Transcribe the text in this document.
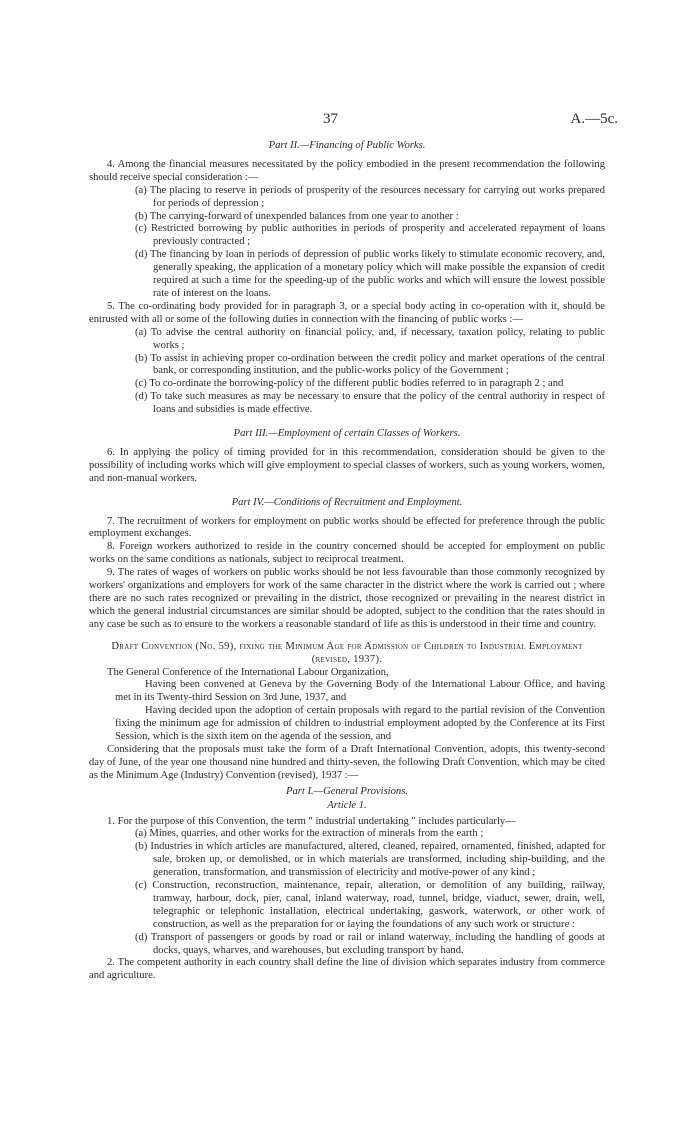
37	A.—5c.

Part II.—Financing of Public Works.

4. Among the financial measures necessitated by the policy embodied in the present recommendation the following should receive special consideration :—

(a) The placing to reserve in periods of prosperity of the resources necessary for carrying out works prepared for periods of depression ;

(b) The carrying-forward of unexpended balances from one year to another :

(c) Restricted borrowing by public authorities in periods of prosperity and accelerated repayment of loans previously contracted ;

(d) The financing by loan in periods of depression of public works likely to stimulate economic recovery, and, generally speaking, the application of a monetary policy which will make possible the expansion of credit required at such a time for the speeding-up of the public works and which will ensure the lowest possible rate of interest on the loans.

5. The co-ordinating body provided for in paragraph 3, or a special body acting in co-operation with it, should be entrusted with all or some of the following duties in connection with the financing of public works :—

(a) To advise the central authority on financial policy, and, if necessary, taxation policy, relating to public works ;

(b) To assist in achieving proper co-ordination between the credit policy and market operations of the central bank, or corresponding institution, and the public-works policy of the Government ;

(c) To co-ordinate the borrowing-policy of the different public bodies referred to in paragraph 2 ; and

(d) To take such measures as may be necessary to ensure that the policy of the central authority in respect of loans and subsidies is made effective.

Part III.—Employment of certain Classes of Workers.

6. In applying the policy of timing provided for in this recommendation, consideration should be given to the possibility of including works which will give employment to special classes of workers, such as young workers, women, and non-manual workers.

Part IV.—Conditions of Recruitment and Employment.

7. The recruitment of workers for employment on public works should be effected for preference through the public employment exchanges.

8. Foreign workers authorized to reside in the country concerned should be accepted for employment on public works on the same conditions as nationals, subject to reciprocal treatment.

9. The rates of wages of workers on public works should be not less favourable than those commonly recognized by workers' organizations and employers for work of the same character in the district where the work is carried out ; where there are no such rates recognized or prevailing in the district, those recognized or prevailing in the nearest district in which the general industrial circumstances are similar should be adopted, subject to the condition that the rates should in any case be such as to ensure to the workers a reasonable standard of life as this is understood in their time and country.

Draft Convention (No. 59), fixing the Minimum Age for Admission of Children to Industrial Employment (revised, 1937).

The General Conference of the International Labour Organization,

Having been convened at Geneva by the Governing Body of the International Labour Office, and having met in its Twenty-third Session on 3rd June, 1937, and

Having decided upon the adoption of certain proposals with regard to the partial revision of the Convention fixing the minimum age for admission of children to industrial employment adopted by the Conference at its First Session, which is the sixth item on the agenda of the session, and

Considering that the proposals must take the form of a Draft International Convention, adopts, this twenty-second day of June, of the year one thousand nine hundred and thirty-seven, the following Draft Convention, which may be cited as the Minimum Age (Industry) Convention (revised), 1937 :—

Part I.—General Provisions.

Article 1.

1. For the purpose of this Convention, the term " industrial undertaking " includes particularly—

(a) Mines, quarries, and other works for the extraction of minerals from the earth ;

(b) Industries in which articles are manufactured, altered, cleaned, repaired, ornamented, finished, adapted for sale, broken up, or demolished, or in which materials are transformed, including ship-building, and the generation, transformation, and transmission of electricity and motive-power of any kind ;

(c) Construction, reconstruction, maintenance, repair, alteration, or demolition of any building, railway, tramway, harbour, dock, pier, canal, inland waterway, road, tunnel, bridge, viaduct, sewer, drain, well, telegraphic or telephonic installation, electrical undertaking, gaswork, waterwork, or other work of construction, as well as the preparation for or laying the foundations of any such work or structure :

(d) Transport of passengers or goods by road or rail or inland waterway, including the handling of goods at docks, quays, wharves, and warehouses, but excluding transport by hand.

2. The competent authority in each country shall define the line of division which separates industry from commerce and agriculture.
